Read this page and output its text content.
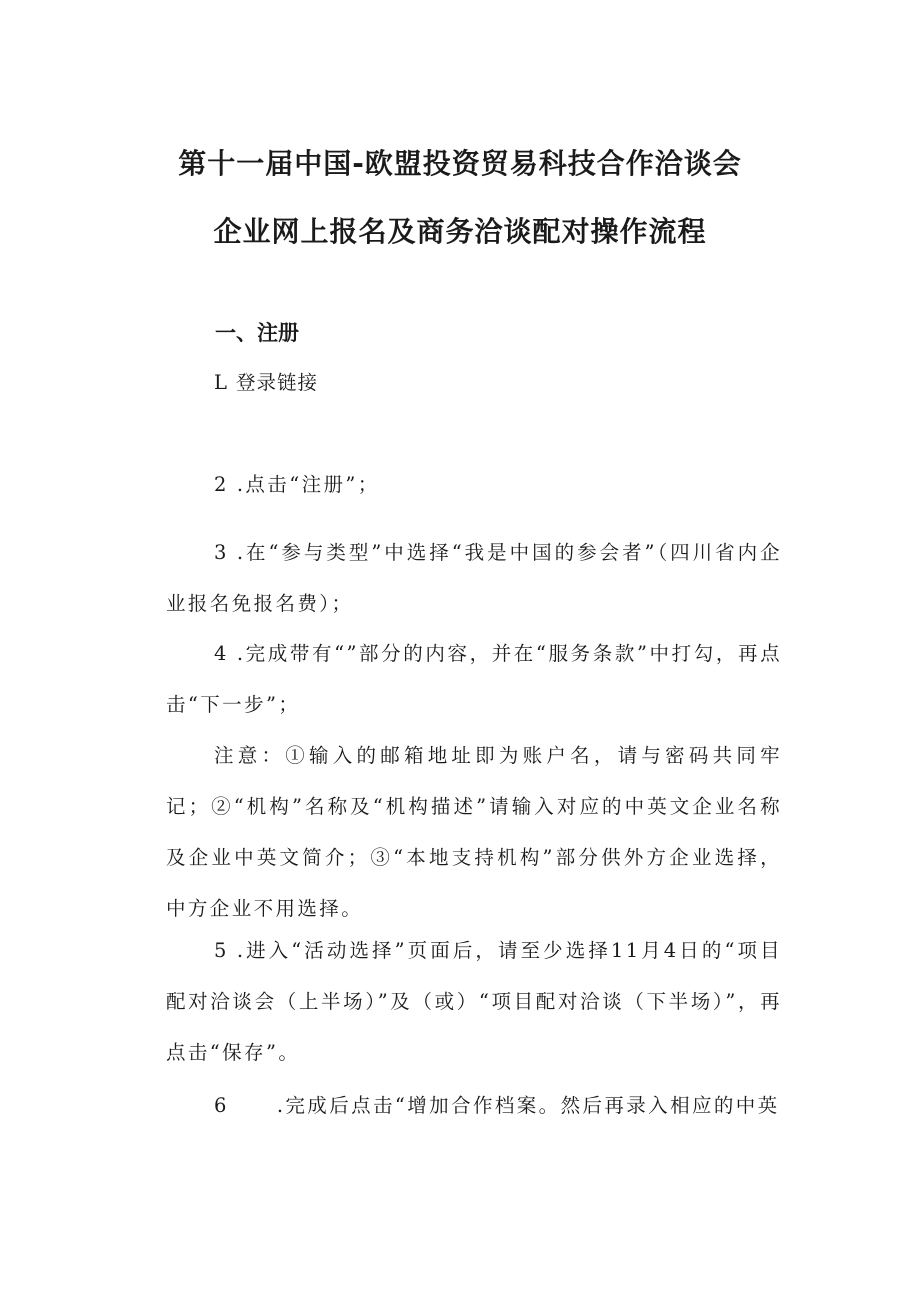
第十一届中国-欧盟投资贸易科技合作洽谈会
企业网上报名及商务洽谈配对操作流程
一、注册
L 登录链接
2 .点击“注册”；
3 .在“参与类型”中选择“我是中国的参会者”（四川省内企业报名免报名费）；
4 .完成带有“”部分的内容，并在“服务条款”中打勾，再点击“下一步”；
注意：①输入的邮箱地址即为账户名，请与密码共同牢记；②“机构”名称及“机构描述”请输入对应的中英文企业名称及企业中英文简介；③“本地支持机构”部分供外方企业选择，中方企业不用选择。
5 .进入“活动选择”页面后，请至少选择11月4日的“项目配对洽谈会（上半场）”及（或）“项目配对洽谈（下半场）”，再点击“保存”。
6 .完成后点击“增加合作档案。然后再录入相应的中英
